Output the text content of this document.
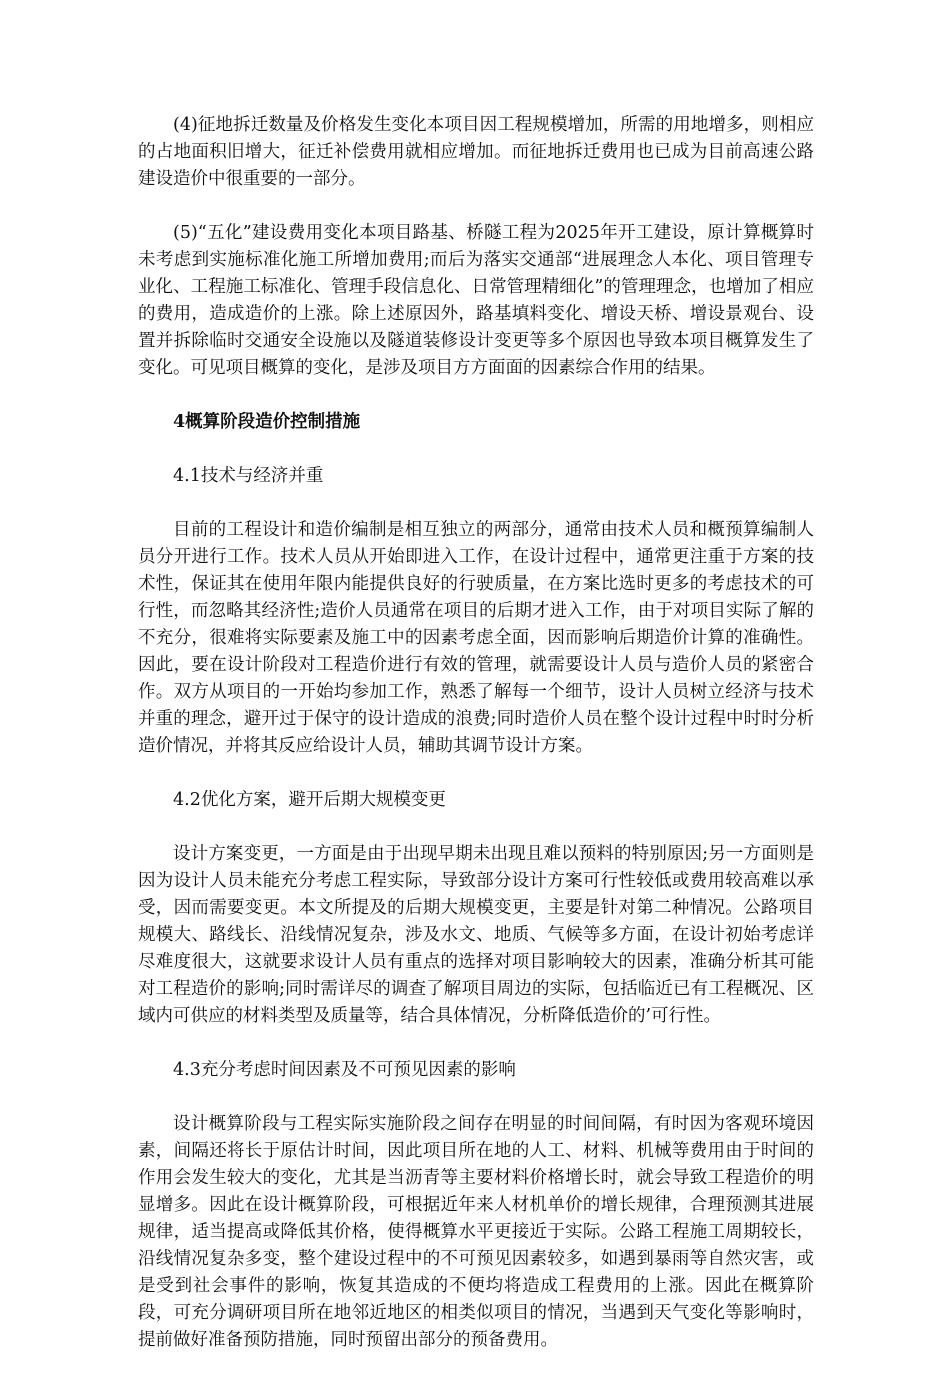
(4)征地拆迁数量及价格发生变化本项目因工程规模增加，所需的用地增多，则相应的占地面积旧增大，征迁补偿费用就相应增加。而征地拆迁费用也已成为目前高速公路建设造价中很重要的一部分。

(5)“五化”建设费用变化本项目路基、桥隧工程为2025年开工建设，原计算概算时未考虑到实施标准化施工所增加费用;而后为落实交通部“进展理念人本化、项目管理专业化、工程施工标准化、管理手段信息化、日常管理精细化”的管理理念，也增加了相应的费用，造成造价的上涨。除上述原因外，路基填料变化、增设天桥、增设景观台、设置并拆除临时交通安全设施以及隧道装修设计变更等多个原因也导致本项目概算发生了变化。可见项目概算的变化，是涉及项目方方面面的因素综合作用的结果。

4概算阶段造价控制措施

4.1技术与经济并重

目前的工程设计和造价编制是相互独立的两部分，通常由技术人员和概预算编制人员分开进行工作。技术人员从开始即进入工作，在设计过程中，通常更注重于方案的技术性，保证其在使用年限内能提供良好的行驶质量，在方案比选时更多的考虑技术的可行性，而忽略其经济性;造价人员通常在项目的后期才进入工作，由于对项目实际了解的不充分，很难将实际要素及施工中的因素考虑全面，因而影响后期造价计算的准确性。因此，要在设计阶段对工程造价进行有效的管理，就需要设计人员与造价人员的紧密合作。双方从项目的一开始均参加工作，熟悉了解每一个细节，设计人员树立经济与技术并重的理念，避开过于保守的设计造成的浪费;同时造价人员在整个设计过程中时时分析造价情况，并将其反应给设计人员，辅助其调节设计方案。

4.2优化方案，避开后期大规模变更

设计方案变更，一方面是由于出现早期未出现且难以预料的特别原因;另一方面则是因为设计人员未能充分考虑工程实际，导致部分设计方案可行性较低或费用较高难以承受，因而需要变更。本文所提及的后期大规模变更，主要是针对第二种情况。公路项目规模大、路线长、沿线情况复杂，涉及水文、地质、气候等多方面，在设计初始考虑详尽难度很大，这就要求设计人员有重点的选择对项目影响较大的因素，准确分析其可能对工程造价的影响;同时需详尽的调查了解项目周边的实际，包括临近已有工程概况、区域内可供应的材料类型及质量等，结合具体情况，分析降低造价的’可行性。

4.3充分考虑时间因素及不可预见因素的影响

设计概算阶段与工程实际实施阶段之间存在明显的时间间隔，有时因为客观环境因素，间隔还将长于原估计时间，因此项目所在地的人工、材料、机械等费用由于时间的作用会发生较大的变化，尤其是当沥青等主要材料价格增长时，就会导致工程造价的明显增多。因此在设计概算阶段，可根据近年来人材机单价的增长规律，合理预测其进展规律，适当提高或降低其价格，使得概算水平更接近于实际。公路工程施工周期较长，沿线情况复杂多变，整个建设过程中的不可预见因素较多，如遇到暴雨等自然灾害，或是受到社会事件的影响，恢复其造成的不便均将造成工程费用的上涨。因此在概算阶段，可充分调研项目所在地邻近地区的相类似项目的情况，当遇到天气变化等影响时，提前做好准备预防措施，同时预留出部分的预备费用。
